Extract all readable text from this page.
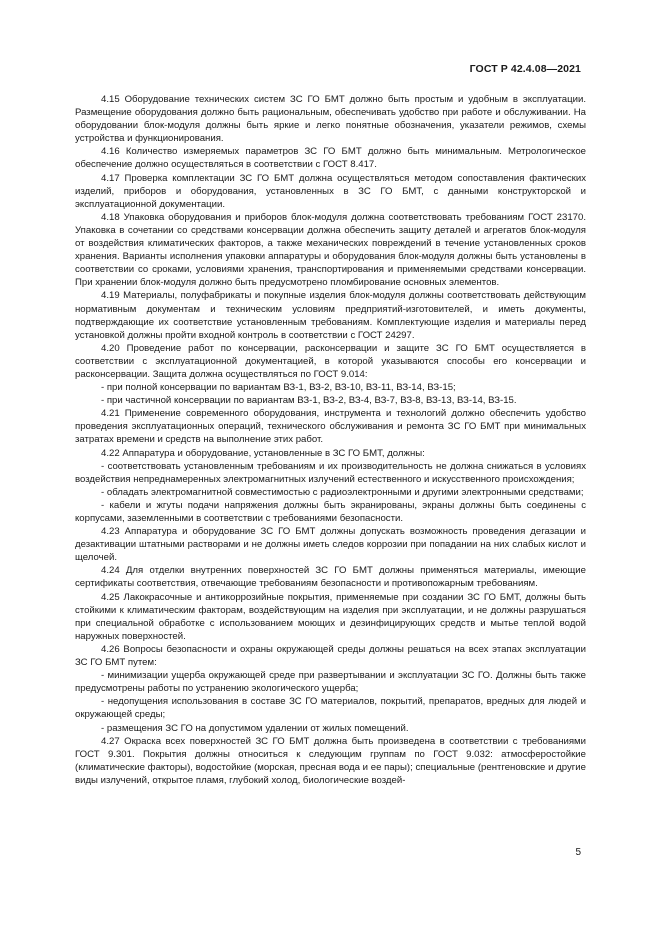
ГОСТ Р 42.4.08—2021

4.15 Оборудование технических систем ЗС ГО БМТ должно быть простым и удобным в эксплуатации. Размещение оборудования должно быть рациональным, обеспечивать удобство при работе и обслуживании. На оборудовании блок-модуля должны быть яркие и легко понятные обозначения, указатели режимов, схемы устройства и функционирования.

4.16 Количество измеряемых параметров ЗС ГО БМТ должно быть минимальным. Метрологическое обеспечение должно осуществляться в соответствии с ГОСТ 8.417.

4.17 Проверка комплектации ЗС ГО БМТ должна осуществляться методом сопоставления фактических изделий, приборов и оборудования, установленных в ЗС ГО БМТ, с данными конструкторской и эксплуатационной документации.

4.18 Упаковка оборудования и приборов блок-модуля должна соответствовать требованиям ГОСТ 23170. Упаковка в сочетании со средствами консервации должна обеспечить защиту деталей и агрегатов блок-модуля от воздействия климатических факторов, а также механических повреждений в течение установленных сроков хранения. Варианты исполнения упаковки аппаратуры и оборудования блок-модуля должны быть установлены в соответствии со сроками, условиями хранения, транспортирования и применяемыми средствами консервации. При хранении блок-модуля должно быть предусмотрено пломбирование основных элементов.

4.19 Материалы, полуфабрикаты и покупные изделия блок-модуля должны соответствовать действующим нормативным документам и техническим условиям предприятий-изготовителей, и иметь документы, подтверждающие их соответствие установленным требованиям. Комплектующие изделия и материалы перед установкой должны пройти входной контроль в соответствии с ГОСТ 24297.

4.20 Проведение работ по консервации, расконсервации и защите ЗС ГО БМТ осуществляется в соответствии с эксплуатационной документацией, в которой указываются способы его консервации и расконсервации. Защита должна осуществляться по ГОСТ 9.014:

- при полной консервации по вариантам ВЗ-1, ВЗ-2, ВЗ-10, ВЗ-11, ВЗ-14, ВЗ-15;

- при частичной консервации по вариантам ВЗ-1, ВЗ-2, ВЗ-4, ВЗ-7, ВЗ-8, ВЗ-13, ВЗ-14, ВЗ-15.

4.21 Применение современного оборудования, инструмента и технологий должно обеспечить удобство проведения эксплуатационных операций, технического обслуживания и ремонта ЗС ГО БМТ при минимальных затратах времени и средств на выполнение этих работ.

4.22 Аппаратура и оборудование, установленные в ЗС ГО БМТ, должны:

- соответствовать установленным требованиям и их производительность не должна снижаться в условиях воздействия непреднамеренных электромагнитных излучений естественного и искусственного происхождения;

- обладать электромагнитной совместимостью с радиоэлектронными и другими электронными средствами;

- кабели и жгуты подачи напряжения должны быть экранированы, экраны должны быть соединены с корпусами, заземленными в соответствии с требованиями безопасности.

4.23 Аппаратура и оборудование ЗС ГО БМТ должны допускать возможность проведения дегазации и дезактивации штатными растворами и не должны иметь следов коррозии при попадании на них слабых кислот и щелочей.

4.24 Для отделки внутренних поверхностей ЗС ГО БМТ должны применяться материалы, имеющие сертификаты соответствия, отвечающие требованиям безопасности и противопожарным требованиям.

4.25 Лакокрасочные и антикоррозийные покрытия, применяемые при создании ЗС ГО БМТ, должны быть стойкими к климатическим факторам, воздействующим на изделия при эксплуатации, и не должны разрушаться при специальной обработке с использованием моющих и дезинфицирующих средств и мытье теплой водой наружных поверхностей.

4.26 Вопросы безопасности и охраны окружающей среды должны решаться на всех этапах эксплуатации ЗС ГО БМТ путем:

- минимизации ущерба окружающей среде при развертывании и эксплуатации ЗС ГО. Должны быть также предусмотрены работы по устранению экологического ущерба;

- недопущения использования в составе ЗС ГО материалов, покрытий, препаратов, вредных для людей и окружающей среды;

- размещения ЗС ГО на допустимом удалении от жилых помещений.

4.27 Окраска всех поверхностей ЗС ГО БМТ должна быть произведена в соответствии с требованиями ГОСТ 9.301. Покрытия должны относиться к следующим группам по ГОСТ 9.032: атмосферостойкие (климатические факторы), водостойкие (морская, пресная вода и ее пары); специальные (рентгеновские и другие виды излучений, открытое пламя, глубокий холод, биологические воздей-

5
